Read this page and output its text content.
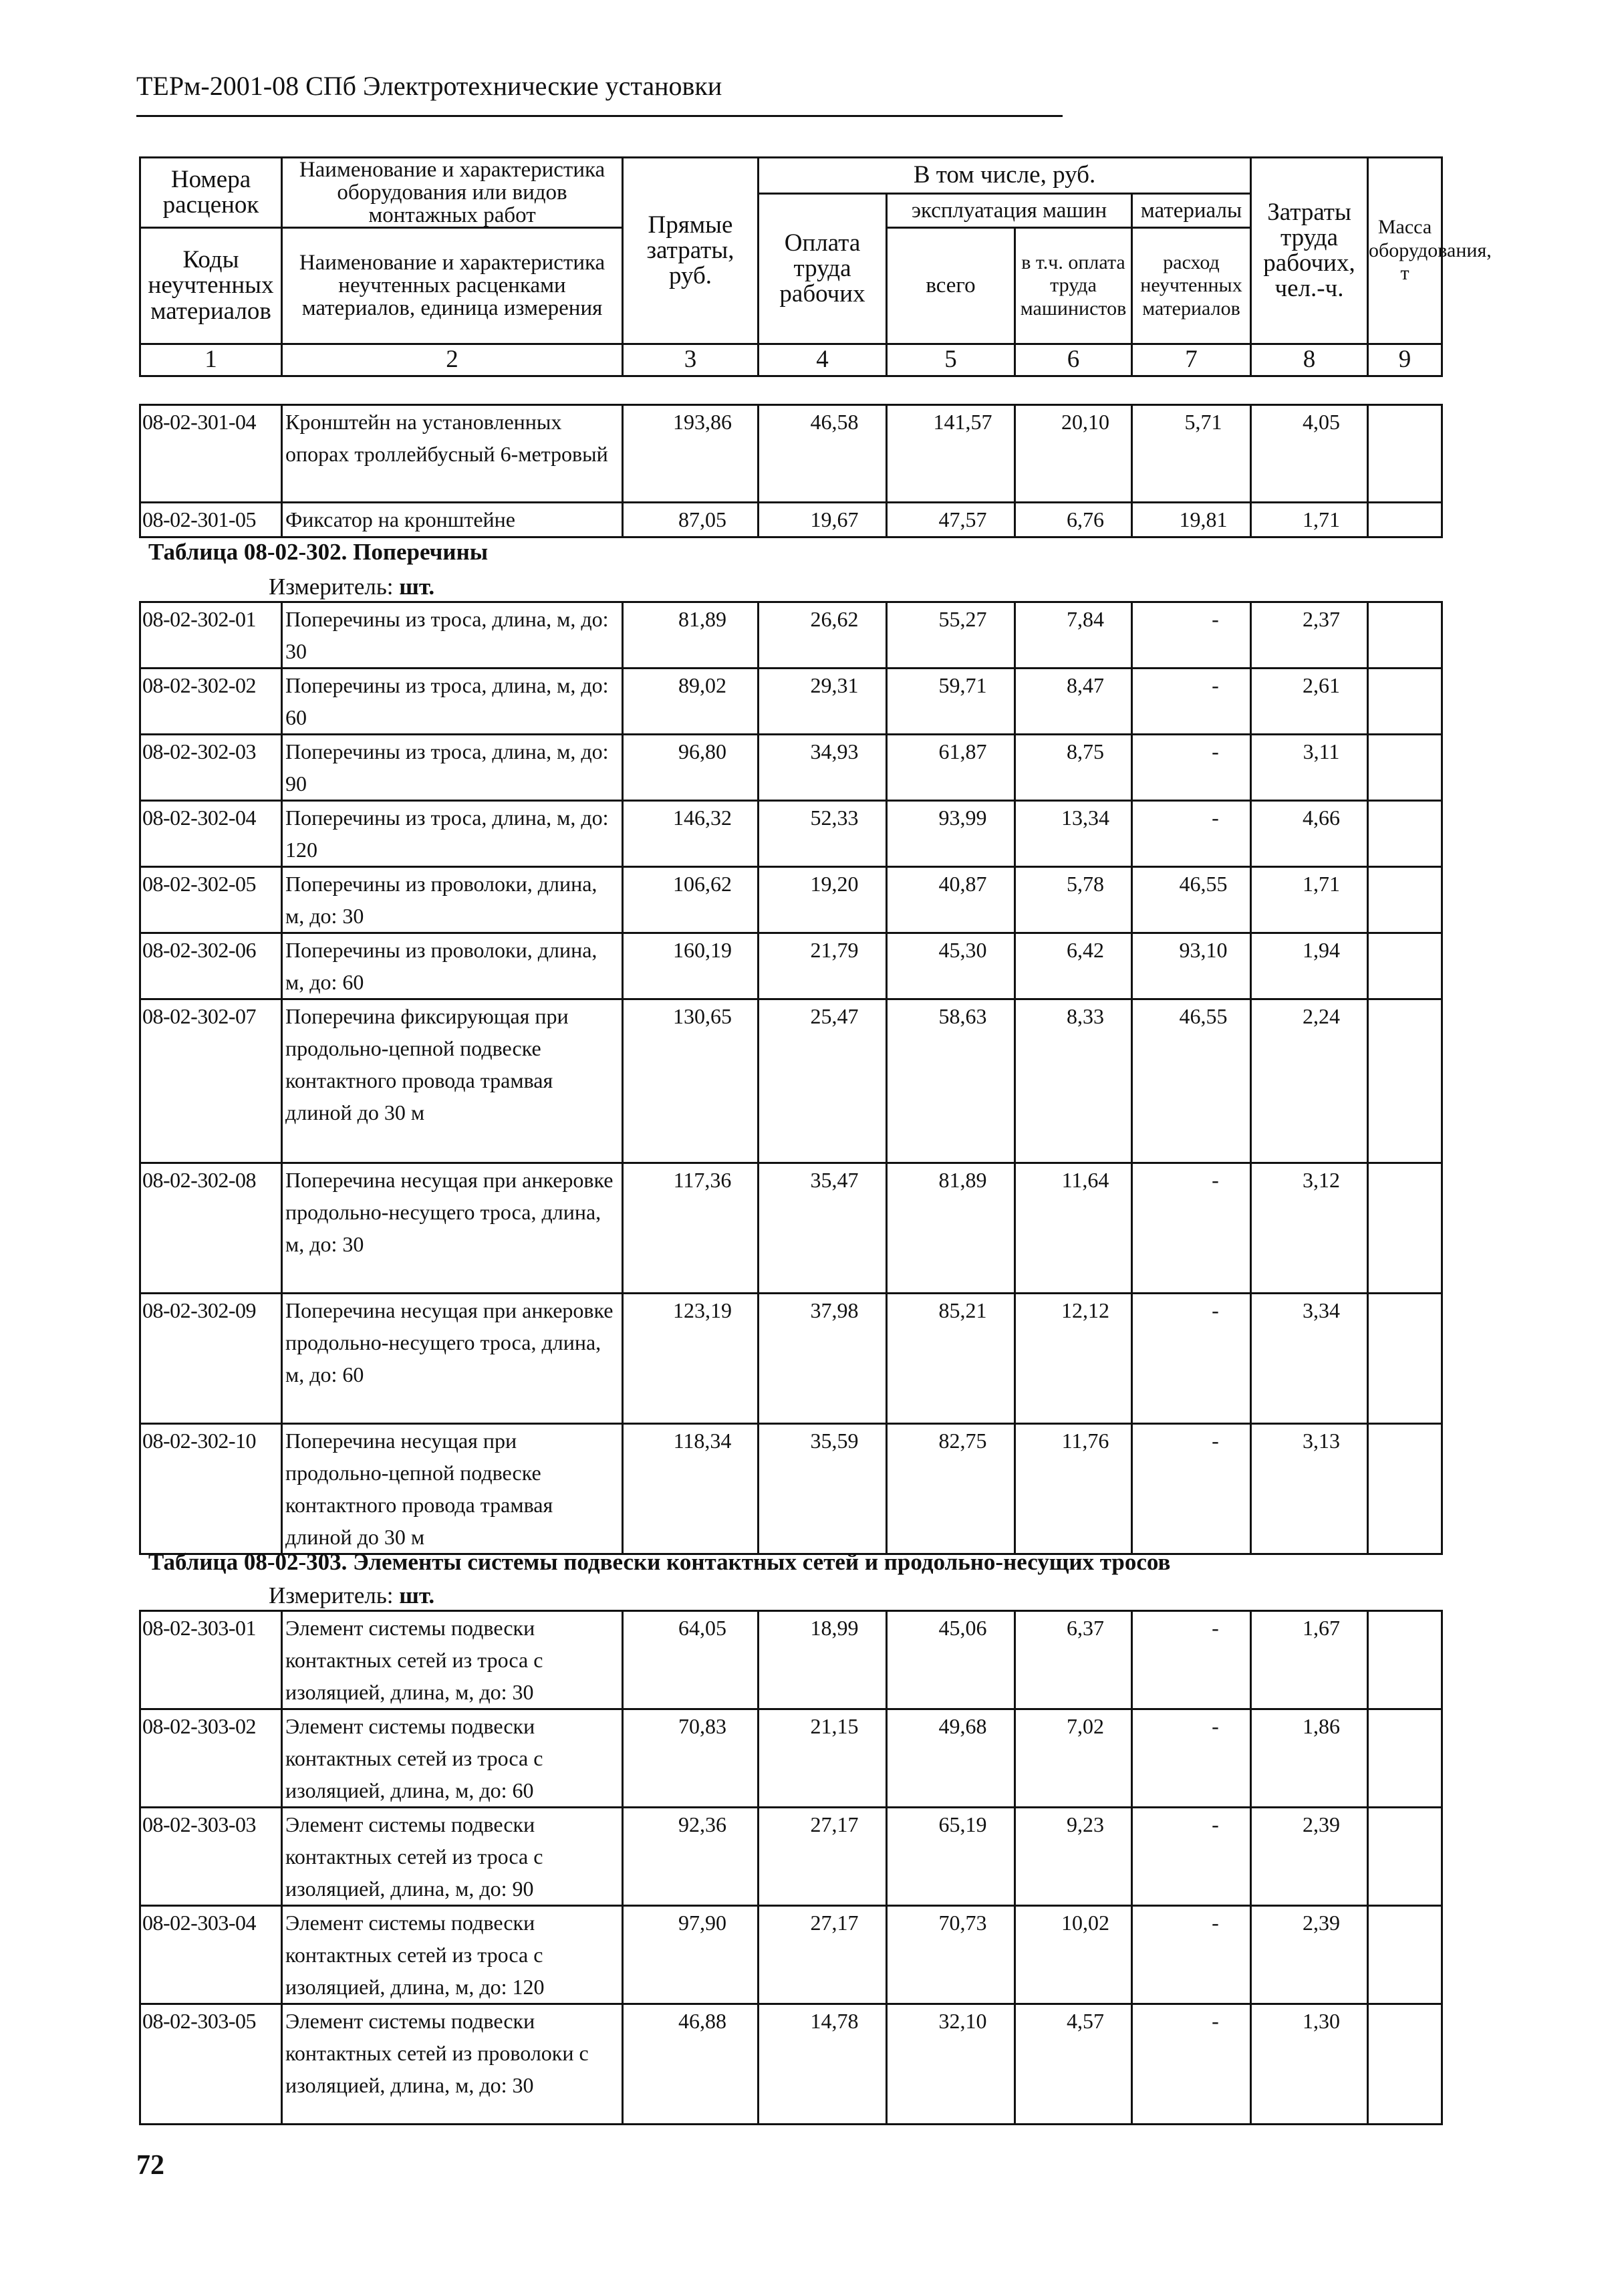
ТЕРм-2001-08 СПб Электротехнические установки
Номера расценок	Наименование и характеристика оборудования или видов монтажных работ	Прямые затраты, руб.	В том числе, руб.				Затраты труда рабочих, чел.-ч.	Масса оборудования, т
			Оплата труда рабочих	эксплуатация машин		материалы		
Коды неучтенных материалов	Наименование и характеристика неучтенных расценками материалов, единица измерения			всего	в т.ч. оплата труда машинистов	расход неучтенных материалов		

1	2	3	4	5	6	7	8	9
08-02-301-04	Кронштейн на установленных опорах троллейбусный 6-метровый	193,86	46,58	141,57	20,10	5,71	4,05	

08-02-301-05	Фиксатор на кронштейне	87,05	19,67	47,57	6,76	19,81	1,71	

Таблица 08-02-302. Поперечины
Измеритель: шт.
08-02-302-01	Поперечины из троса, длина, м, до: 30	81,89	26,62	55,27	7,84	-	2,37	

08-02-302-02	Поперечины из троса, длина, м, до: 60	89,02	29,31	59,71	8,47	-	2,61	

08-02-302-03	Поперечины из троса, длина, м, до: 90	96,80	34,93	61,87	8,75	-	3,11	

08-02-302-04	Поперечины из троса, длина, м, до: 120	146,32	52,33	93,99	13,34	-	4,66	

08-02-302-05	Поперечины из проволоки, длина, м, до: 30	106,62	19,20	40,87	5,78	46,55	1,71	

08-02-302-06	Поперечины из проволоки, длина, м, до: 60	160,19	21,79	45,30	6,42	93,10	1,94	

08-02-302-07	Поперечина фиксирующая при продольно-цепной подвеске контактного провода трамвая длиной до 30 м	130,65	25,47	58,63	8,33	46,55	2,24	

08-02-302-08	Поперечина несущая при анкеровке продольно-несущего троса, длина, м, до: 30	117,36	35,47	81,89	11,64	-	3,12	

08-02-302-09	Поперечина несущая при анкеровке продольно-несущего троса, длина, м, до: 60	123,19	37,98	85,21	12,12	-	3,34	

08-02-302-10	Поперечина несущая при продольно-цепной подвеске контактного провода трамвая длиной до 30 м	118,34	35,59	82,75	11,76	-	3,13	

Таблица 08-02-303. Элементы системы подвески контактных сетей и продольно-несущих тросов
Измеритель: шт.
08-02-303-01	Элемент системы подвески контактных сетей из троса с изоляцией, длина, м, до: 30	64,05	18,99	45,06	6,37	-	1,67	

08-02-303-02	Элемент системы подвески контактных сетей из троса с изоляцией, длина, м, до: 60	70,83	21,15	49,68	7,02	-	1,86	

08-02-303-03	Элемент системы подвески контактных сетей из троса с изоляцией, длина, м, до: 90	92,36	27,17	65,19	9,23	-	2,39	

08-02-303-04	Элемент системы подвески контактных сетей из троса с изоляцией, длина, м, до: 120	97,90	27,17	70,73	10,02	-	2,39	

08-02-303-05	Элемент системы подвески контактных сетей из проволоки с изоляцией, длина, м, до: 30	46,88	14,78	32,10	4,57	-	1,30	

72
